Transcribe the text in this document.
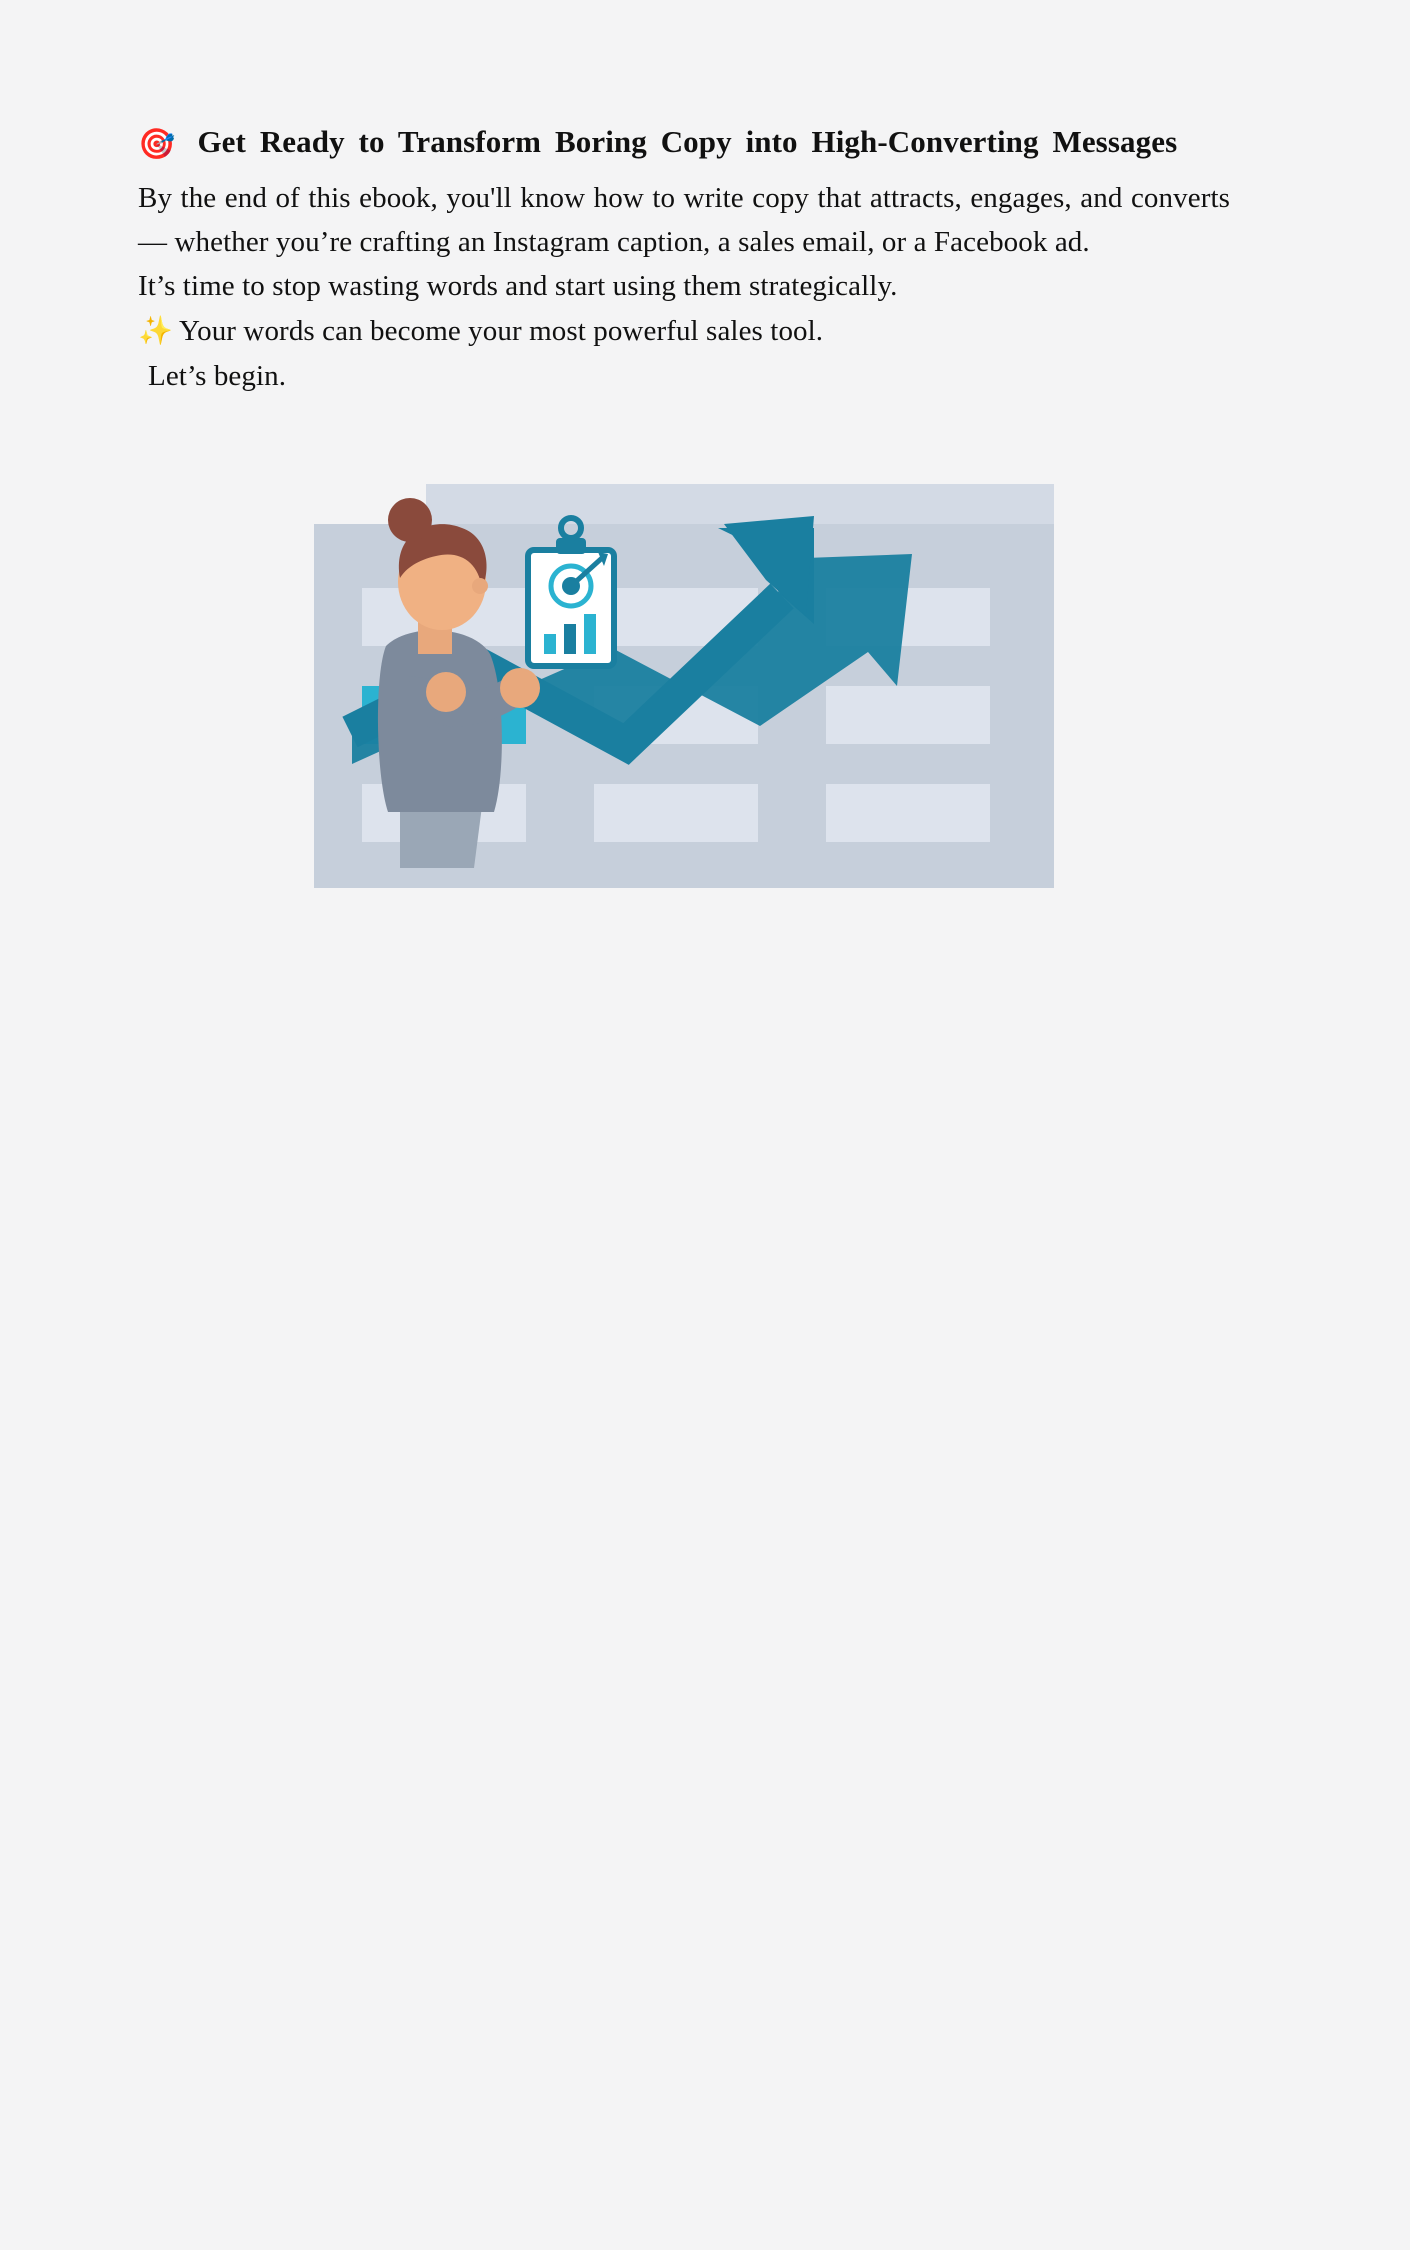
🎯 Get Ready to Transform Boring Copy into High-Converting Messages

By the end of this ebook, you'll know how to write copy that attracts, engages, and converts — whether you’re crafting an Instagram caption, a sales email, or a Facebook ad.

It’s time to stop wasting words and start using them strategically.

✨ Your words can become your most powerful sales tool.

Let’s begin.
